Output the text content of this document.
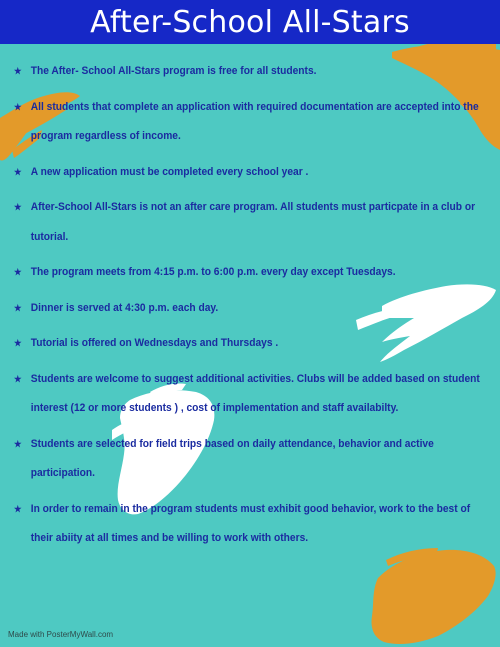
After-School All-Stars
★ The After- School All-Stars program is free for all students.
★ All students that complete an application with required documentation are accepted into the program regardless of income.
★ A new application must be completed every school year .
★ After-School All-Stars is not an after care program. All students must particpate in a club or tutorial.
★ The program meets from 4:15 p.m. to 6:00 p.m. every day except Tuesdays.
★ Dinner is served at 4:30 p.m. each day.
★ Tutorial is offered on Wednesdays and Thursdays .
★ Students are welcome to suggest additional activities. Clubs will be added based on student interest (12 or more students ) , cost of implementation and staff availabilty.
★ Students are selected for field trips based on daily attendance, behavior and active participation.
★ In order to remain in the program students must exhibit good behavior, work to the best of their abiity at all times and be willing to work with others.
Made with PosterMyWall.com
